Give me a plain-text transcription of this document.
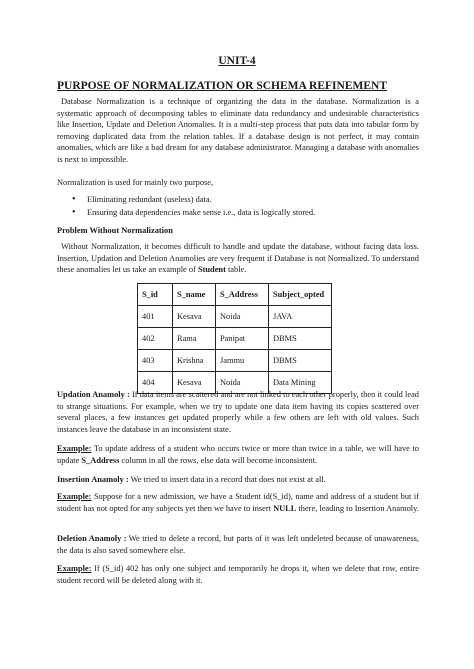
UNIT-4
PURPOSE OF NORMALIZATION OR SCHEMA REFINEMENT

Database Normalization is a technique of organizing the data in the database. Normalization is a systematic approach of decomposing tables to eliminate data redundancy and undesirable characteristics like Insertion, Update and Deletion Anomalies. It is a multi-step process that puts data into tabular form by removing duplicated data from the relation tables. If a database design is not perfect, it may contain anomalies, which are like a bad dream for any database administrator. Managing a database with anomalies is next to impossible.

Normalization is used for mainly two purpose,

• Eliminating redundant (useless) data.
• Ensuring data dependencies make sense i.e., data is logically stored.
Problem Without Normalization

Without Normalization, it becomes difficult to handle and update the database, without facing data loss. Insertion, Updation and Deletion Anamolies are very frequent if Database is not Normalized. To understand these anomalies let us take an example of Student table.

S_id	S_name	S_Address	Subject_opted
401	Kesava	Noida	JAVA
402	Rama	Panipat	DBMS
403	Krishna	Jammu	DBMS
404	Kesava	Noida	Data Mining

Updation Anamoly : If data items are scattered and are not linked to each other properly, then it could lead to strange situations. For example, when we try to update one data item having its copies scattered over several places, a few instances get updated properly while a few others are left with old values. Such instances leave the database in an inconsistent state.

Example: To update address of a student who occurs twice or more than twice in a table, we will have to update S_Address column in all the rows, else data will become inconsistent.

Insertion Anamoly : We tried to insert data in a record that does not exist at all.

Example: Suppose for a new admission, we have a Student id(S_id), name and address of a student but if student has not opted for any subjects yet then we have to insert NULL there, leading to Insertion Anamoly.

Deletion Anamoly : We tried to delete a record, but parts of it was left undeleted because of unawareness, the data is also saved somewhere else.

Example: If (S_id) 402 has only one subject and temporarily he drops it, when we delete that row, entire student record will be deleted along with it.
